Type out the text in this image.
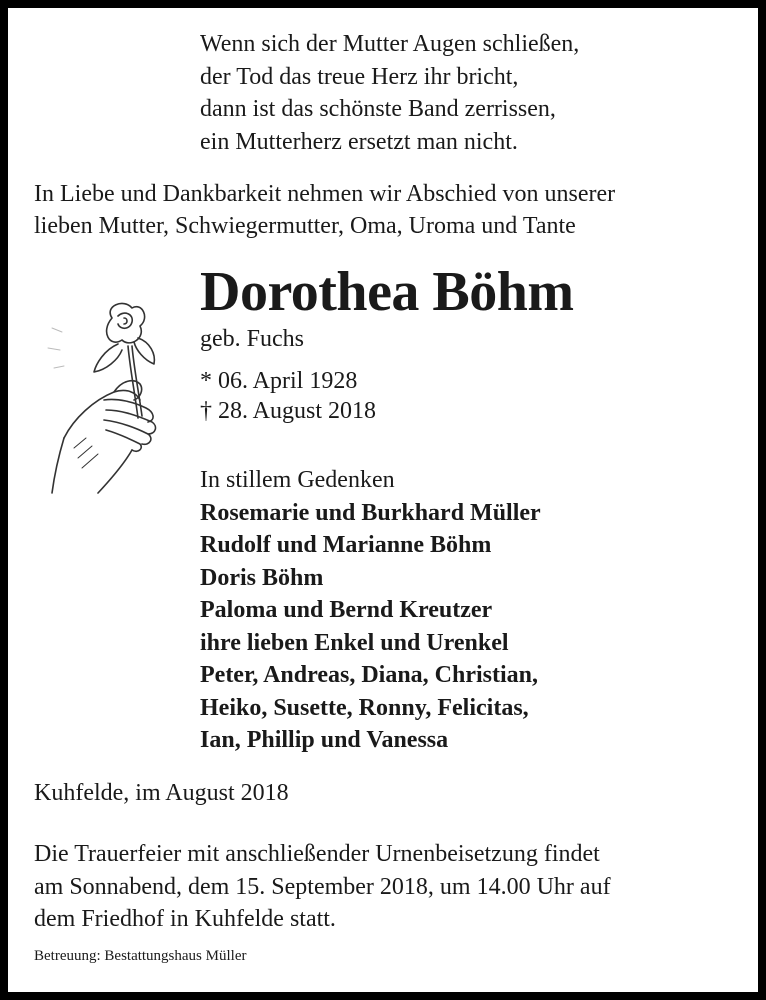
Wenn sich der Mutter Augen schließen,
der Tod das treue Herz ihr bricht,
dann ist das schönste Band zerrissen,
ein Mutterherz ersetzt man nicht.
In Liebe und Dankbarkeit nehmen wir Abschied von unserer
lieben Mutter, Schwiegermutter, Oma, Uroma und Tante
Dorothea Böhm
geb. Fuchs
* 06. April 1928
† 28. August 2018
In stillem Gedenken
Rosemarie und Burkhard Müller
Rudolf und Marianne Böhm
Doris Böhm
Paloma und Bernd Kreutzer
ihre lieben Enkel und Urenkel
Peter, Andreas, Diana, Christian,
Heiko, Susette, Ronny, Felicitas,
Ian, Phillip und Vanessa
Kuhfelde, im August 2018
Die Trauerfeier mit anschließender Urnenbeisetzung findet
am Sonnabend, dem 15. September 2018, um 14.00 Uhr auf
dem Friedhof in Kuhfelde statt.
Betreuung: Bestattungshaus Müller
